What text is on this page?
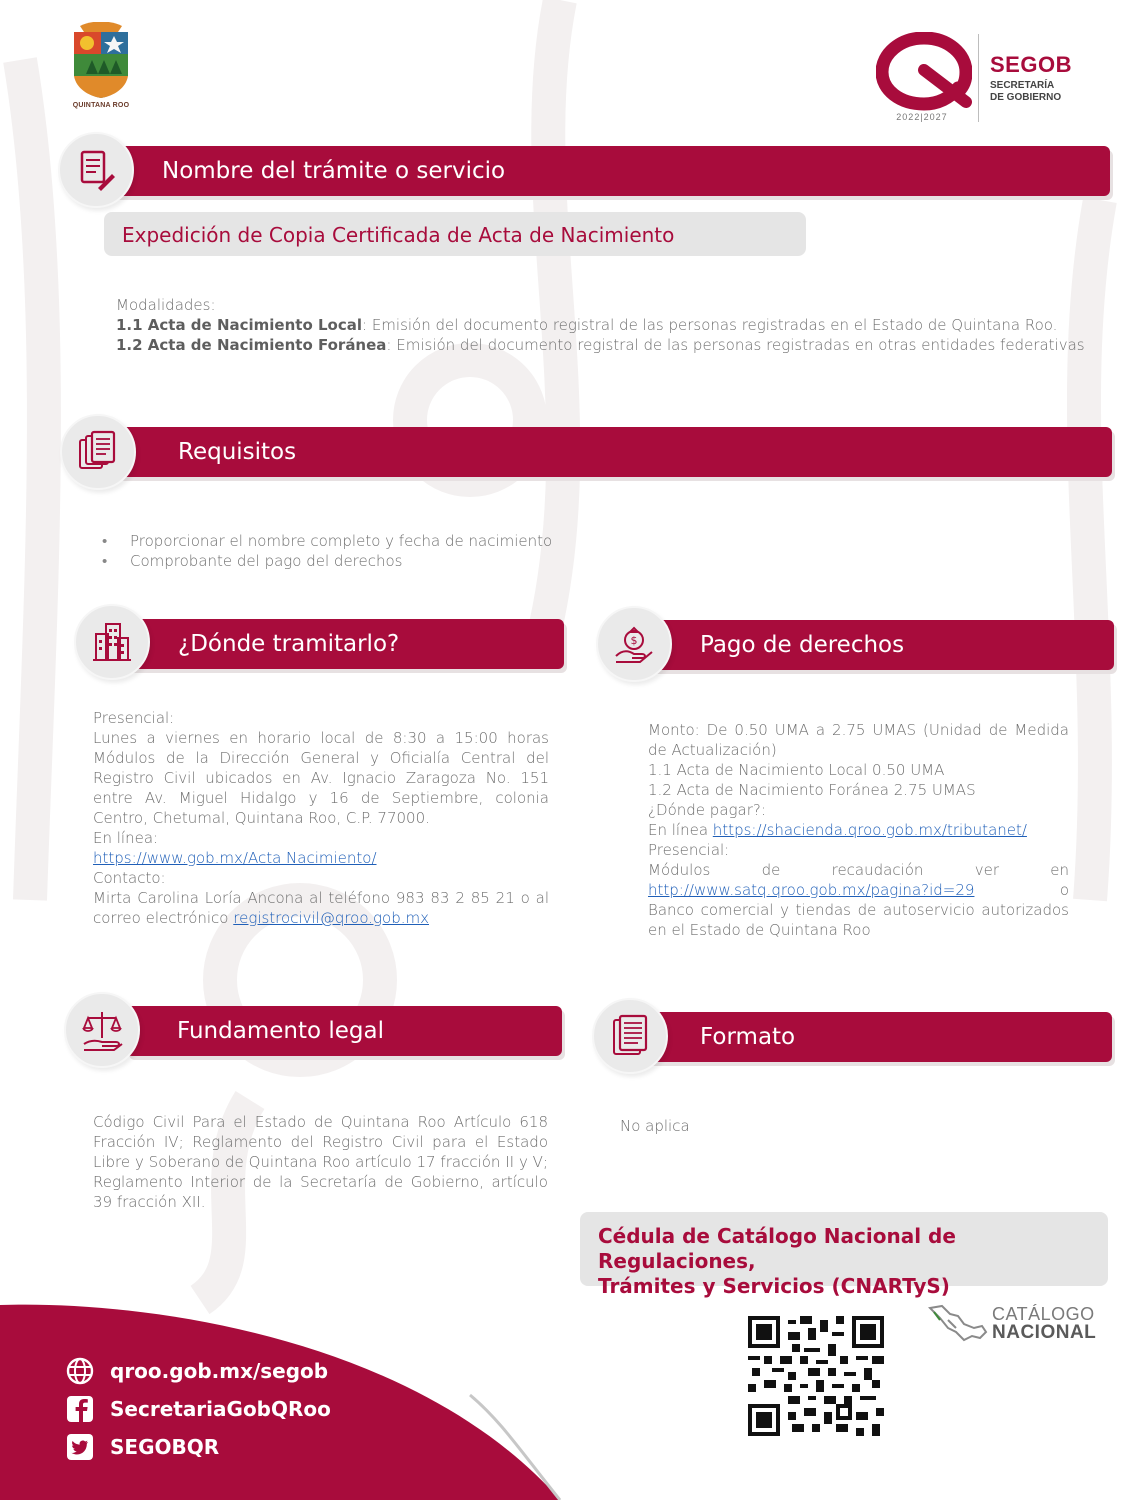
QUINTANA ROO
2022|2027
SEGOB
SECRETARÍA
DE GOBIERNO
Nombre del trámite o servicio
Expedición de Copia Certificada de Acta de Nacimiento
Modalidades:
1.1 Acta de Nacimiento Local: Emisión del documento registral de las personas registradas en el Estado de Quintana Roo.
1.2 Acta de Nacimiento Foránea: Emisión del documento registral de las personas registradas en otras entidades federativas
Requisitos
• Proporcionar el nombre completo y fecha de nacimiento
• Comprobante del pago del derechos
¿Dónde tramitarlo?
Presencial:
Lunes a viernes en horario local de 8:30 a 15:00 horas Módulos de la Dirección General y Oficialía Central del Registro Civil ubicados en Av. Ignacio Zaragoza No. 151 entre Av. Miguel Hidalgo y 16 de Septiembre, colonia Centro, Chetumal, Quintana Roo, C.P. 77000.
En línea:
https://www.gob.mx/Acta Nacimiento/
Contacto:
Mirta Carolina Loría Ancona al teléfono 983 83 2 85 21 o al correo electrónico registrocivil@qroo.gob.mx
Pago de derechos
$
Monto: De 0.50 UMA a 2.75 UMAS (Unidad de Medida de Actualización)
1.1 Acta de Nacimiento Local 0.50 UMA
1.2 Acta de Nacimiento Foránea 2.75 UMAS
¿Dónde pagar?:
En línea https://shacienda.qroo.gob.mx/tributanet/
Presencial:
Módulos de recaudación ver en
http://www.satq.qroo.gob.mx/pagina?id=29	o
Banco comercial y tiendas de autoservicio autorizados en el Estado de Quintana Roo
Fundamento legal
Código Civil Para el Estado de Quintana Roo Artículo 618 Fracción IV; Reglamento del Registro Civil para el Estado Libre y Soberano de Quintana Roo artículo 17 fracción II y V; Reglamento Interior de la Secretaría de Gobierno, artículo 39 fracción XII.
Formato
No aplica
Cédula de Catálogo Nacional de Regulaciones,
Trámites y Servicios (CNARTyS)
CATÁLOGO
NACIONAL
qroo.gob.mx/segob
SecretariaGobQRoo
SEGOBQR
